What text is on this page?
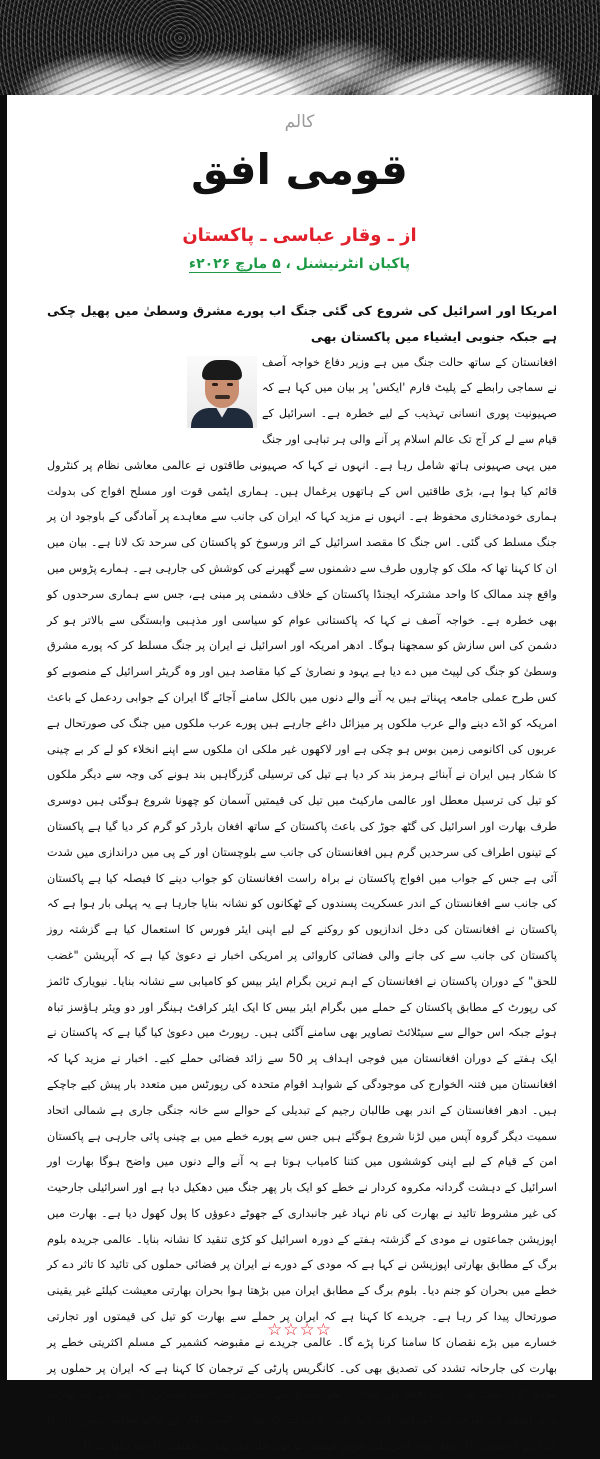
کالم
قومی افق
از ـ وقار عباسی ـ پاکستان
پاکبان انٹرنیشنل ، ۵ مارچ ۲۰۲۶ء

امریکا اور اسرائیل کی شروع کی گئی جنگ اب پورے مشرق وسطیٰ میں پھیل چکی ہے جبکہ جنوبی ایشیاء میں پاکستان بھی

افغانستان کے ساتھ حالت جنگ میں ہے وزیر دفاع خواجہ آصف نے سماجی رابطے کے پلیٹ فارم 'ایکس' پر بیان میں کہا ہے کہ صہیونیت پوری انسانی تہذیب کے لیے خطرہ ہے۔ اسرائیل کے قیام سے لے کر آج تک عالم اسلام پر آنے والی ہر تباہی اور جنگ میں یہی صہیونی ہاتھ شامل رہا ہے۔ انہوں نے کہا کہ صہیونی طاقتوں نے عالمی معاشی نظام پر کنٹرول قائم کیا ہوا ہے، بڑی طاقتیں اس کے ہاتھوں یرغمال ہیں۔ ہماری ایٹمی قوت اور مسلح افواج کی بدولت ہماری خودمختاری محفوظ ہے۔ انہوں نے مزید کہا کہ ایران کی جانب سے معاہدے پر آمادگی کے باوجود ان پر جنگ مسلط کی گئی۔ اس جنگ کا مقصد اسرائیل کے اثر ورسوخ کو پاکستان کی سرحد تک لانا ہے۔ بیان میں ان کا کہنا تھا کہ ملک کو چاروں طرف سے دشمنوں سے گھیرنے کی کوشش کی جارہی ہے۔ ہمارے پڑوس میں واقع چند ممالک کا واحد مشترکہ ایجنڈا پاکستان کے خلاف دشمنی پر مبنی ہے، جس سے ہماری سرحدوں کو بھی خطرہ ہے۔ خواجہ آصف نے کہا کہ پاکستانی عوام کو سیاسی اور مذہبی وابستگی سے بالاتر ہو کر دشمن کی اس سازش کو سمجھنا ہوگا۔ ادھر امریکہ اور اسرائیل نے ایران پر جنگ مسلط کر کہ پورے مشرق وسطیٰ کو جنگ کی لپیٹ میں دے دیا ہے یہود و نصاریٰ کے کیا مقاصد ہیں اور وہ گریٹر اسرائیل کے منصوبے کو کس طرح عملی جامعہ پہناتے ہیں یہ آنے والے دنوں میں بالکل سامنے آجائے گا ایران کے جوابی ردعمل کے باعث امریکہ کو اڈے دینے والے عرب ملکوں پر میزائل داغے جارہے ہیں پورے عرب ملکوں میں جنگ کی صورتحال ہے عربوں کی اکانومی زمین بوس ہو چکی ہے اور لاکھوں غیر ملکی ان ملکوں سے اپنے انخلاء کو لے کر بے چینی کا شکار ہیں ایران نے آبنائے ہرمز بند کر دیا ہے تیل کی ترسیلی گزرگاہیں بند ہونے کی وجہ سے دیگر ملکوں کو تیل کی ترسیل معطل اور عالمی مارکیٹ میں تیل کی قیمتیں آسمان کو چھونا شروع ہوگئی ہیں دوسری طرف بھارت اور اسرائیل کی گٹھ جوڑ کی باعث پاکستان کے ساتھ افغان بارڈر کو گرم کر دیا گیا ہے پاکستان کے تینوں اطراف کی سرحدیں گرم ہیں افغانستان کی جانب سے بلوچستان اور کے پی میں دراندازی میں شدت آئی ہے جس کے جواب میں افواج پاکستان نے براہ راست افغانستان کو جواب دینے کا فیصلہ کیا ہے پاکستان کی جانب سے افغانستان کے اندر عسکریت پسندوں کے ٹھکانوں کو نشانہ بنایا جارہا ہے یہ پہلی بار ہوا ہے کہ پاکستان نے افغانستان کی دخل اندازیوں کو روکنے کے لیے اپنی ایئر فورس کا استعمال کیا ہے گزشتہ روز پاکستان کی جانب سے کی جانے والی فضائی کاروائی پر امریکی اخبار نے دعویٰ کیا ہے کہ آپریشن "غضب للحق" کے دوران پاکستان نے افغانستان کے اہم ترین بگرام ایئر بیس کو کامیابی سے نشانہ بنایا۔ نیویارک ٹائمز کی رپورٹ کے مطابق پاکستان کے حملے میں بگرام ایئر بیس کا ایک ایئر کرافٹ ہینگر اور دو ویئر ہاؤسز تباہ ہوئے جبکہ اس حوالے سے سیٹلائٹ تصاویر بھی سامنے آگئی ہیں۔ رپورٹ میں دعویٰ کیا گیا ہے کہ پاکستان نے ایک ہفتے کے دوران افغانستان میں فوجی اہداف پر 50 سے زائد فضائی حملے کیے۔ اخبار نے مزید کہا کہ افغانستان میں فتنہ الخوارج کی موجودگی کے شواہد اقوام متحدہ کی رپورٹس میں متعدد بار پیش کیے جاچکے ہیں۔ ادھر افغانستان کے اندر بھی طالبان رجیم کے تبدیلی کے حوالے سے خانہ جنگی جاری ہے شمالی اتحاد سمیت دیگر گروہ آپس میں لڑنا شروع ہوگئے ہیں جس سے پورے خطے میں بے چینی پائی جارہی ہے پاکستان امن کے قیام کے لیے اپنی کوششوں میں کتنا کامیاب ہوتا ہے یہ آنے والے دنوں میں واضح ہوگا بھارت اور اسرائیل کے دہشت گردانہ مکروہ کردار نے خطے کو ایک بار پھر جنگ میں دھکیل دیا ہے اور اسرائیلی جارحیت کی غیر مشروط تائید نے بھارت کی نام نہاد غیر جانبداری کے جھوٹے دعوؤں کا پول کھول دیا ہے۔ بھارت میں اپوزیشن جماعتوں نے مودی کے گزشتہ ہفتے کے دورہ اسرائیل کو کڑی تنقید کا نشانہ بنایا۔ عالمی جریدہ بلوم برگ کے مطابق بھارتی اپوزیشن نے کہا ہے کہ مودی کے دورے نے ایران پر فضائی حملوں کی تائید کا تاثر دے کر خطے میں بحران کو جنم دیا۔ بلوم برگ کے مطابق ایران میں بڑھتا ہوا بحران بھارتی معیشت کیلئے غیر یقینی صورتحال پیدا کر رہا ہے۔ جریدے کا کہنا ہے کہ ایران پر حملے سے بھارت کو تیل کی قیمتوں اور تجارتی خسارے میں بڑے نقصان کا سامنا کرنا پڑے گا۔ عالمی جریدے نے مقبوضہ کشمیر کے مسلم اکثریتی خطے پر بھارت کی جارحانہ تشدد کی تصدیق بھی کی۔ کانگریس پارٹی کے ترجمان کا کہنا ہے کہ ایران پر حملوں پر مودی کا ردعمل بھارت کی اقدار اور مفادات سے غداری ہے۔ دریں اثنا عالمی ماہرین کا کہنا ہے کہ بھارتی وزیر اعظم کی طرف سے اسرائیل کی تائید ثابت کرتی ہے کہ بھارت کسی ملک کے ساتھ مخلص نہیں۔ ان کا کہنا ہے کہ مودی کا دوغلا رویہ اسرائیلی خوش فہمی کو بھی جلد ہی بھیانک حقیقت کا منہ دکھا دے گا۔

☆☆☆☆
